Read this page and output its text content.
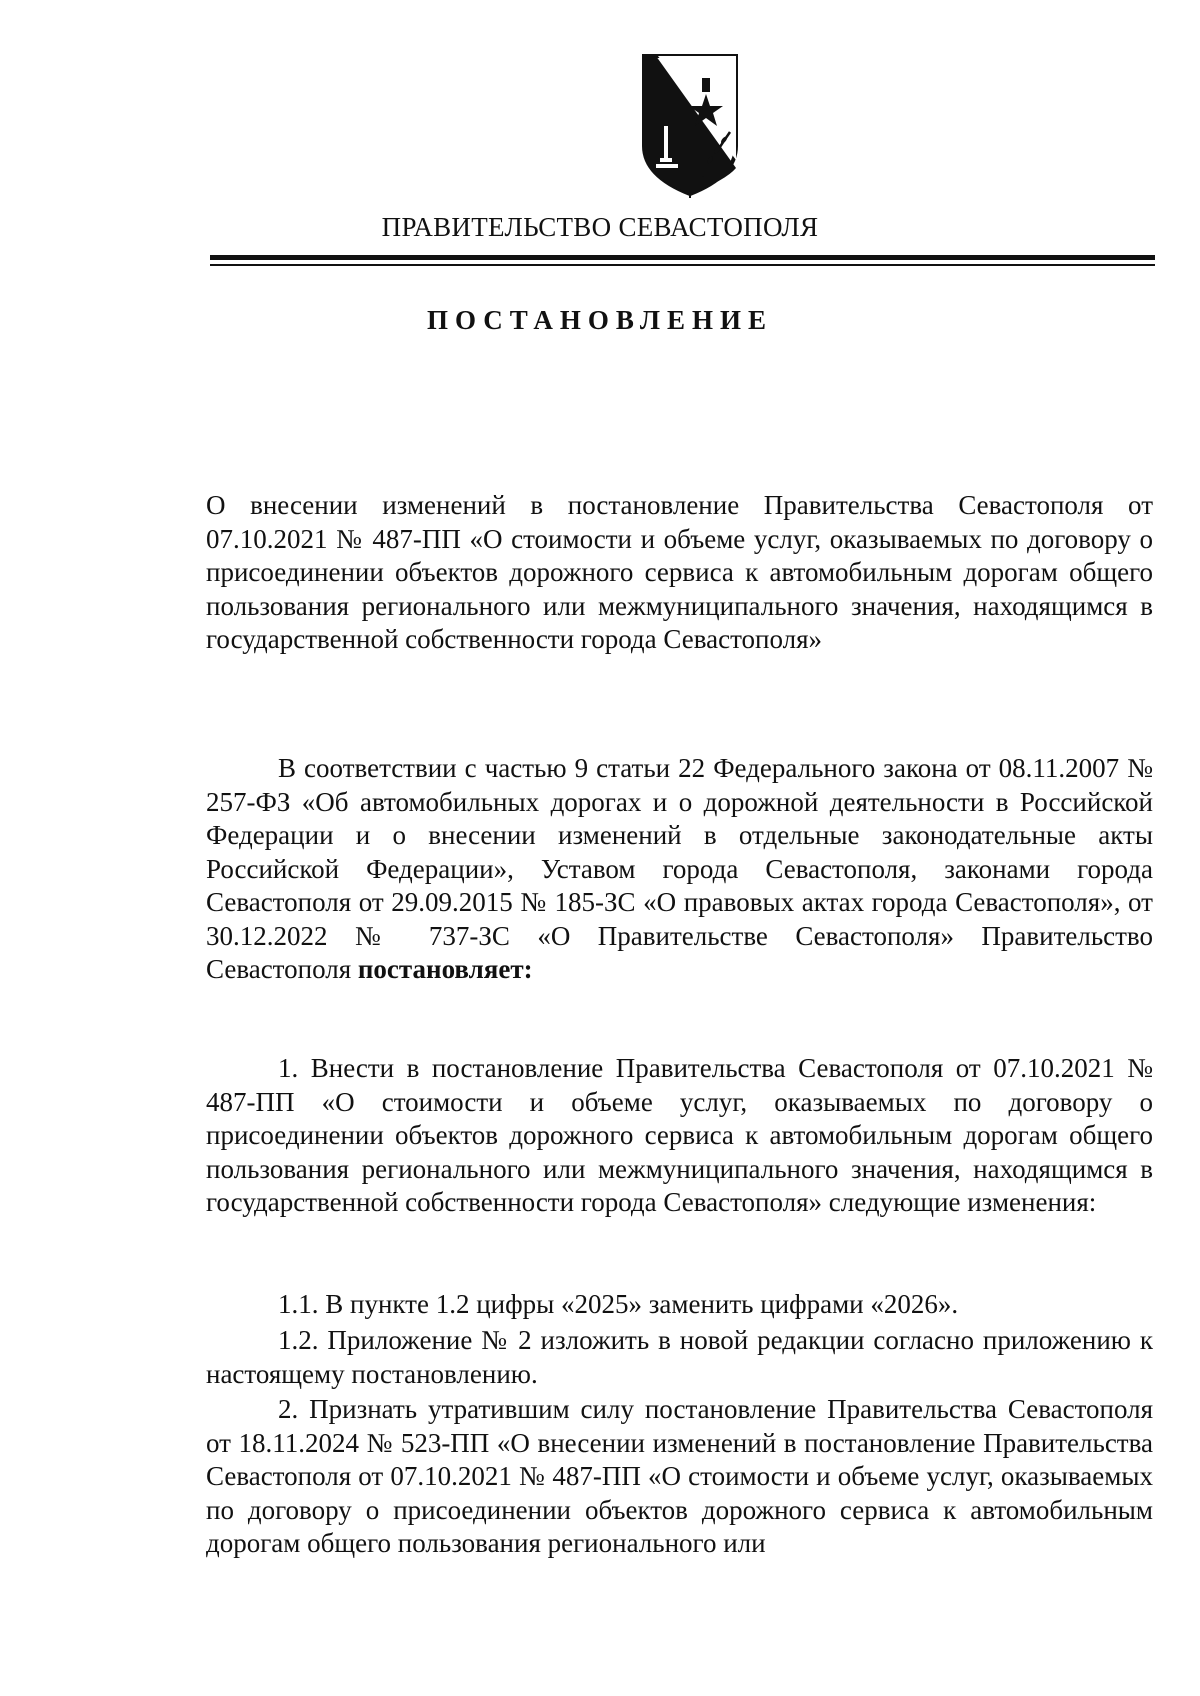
ПРАВИТЕЛЬСТВО СЕВАСТОПОЛЯ
ПОСТАНОВЛЕНИЕ

О внесении изменений в постановление Правительства Севастополя от 07.10.2021 № 487-ПП «О стоимости и объеме услуг, оказываемых по договору о присоединении объектов дорожного сервиса к автомобильным дорогам общего пользования регионального или межмуниципального значения, находящимся в государственной собственности города Севастополя»

В соответствии с частью 9 статьи 22 Федерального закона от 08.11.2007 № 257-ФЗ «Об автомобильных дорогах и о дорожной деятельности в Российской Федерации и о внесении изменений в отдельные законодательные акты Российской Федерации», Уставом города Севастополя, законами города Севастополя от 29.09.2015 № 185-ЗС «О правовых актах города Севастополя», от 30.12.2022 № 737-ЗС «О Правительстве Севастополя» Правительство Севастополя постановляет:

1. Внести в постановление Правительства Севастополя от 07.10.2021 № 487-ПП «О стоимости и объеме услуг, оказываемых по договору о присоединении объектов дорожного сервиса к автомобильным дорогам общего пользования регионального или межмуниципального значения, находящимся в государственной собственности города Севастополя» следующие изменения:

1.1. В пункте 1.2 цифры «2025» заменить цифрами «2026».

1.2. Приложение № 2 изложить в новой редакции согласно приложению к настоящему постановлению.

2. Признать утратившим силу постановление Правительства Севастополя от 18.11.2024 № 523-ПП «О внесении изменений в постановление Правительства Севастополя от 07.10.2021 № 487-ПП «О стоимости и объеме услуг, оказываемых по договору о присоединении объектов дорожного сервиса к автомобильным дорогам общего пользования регионального или
